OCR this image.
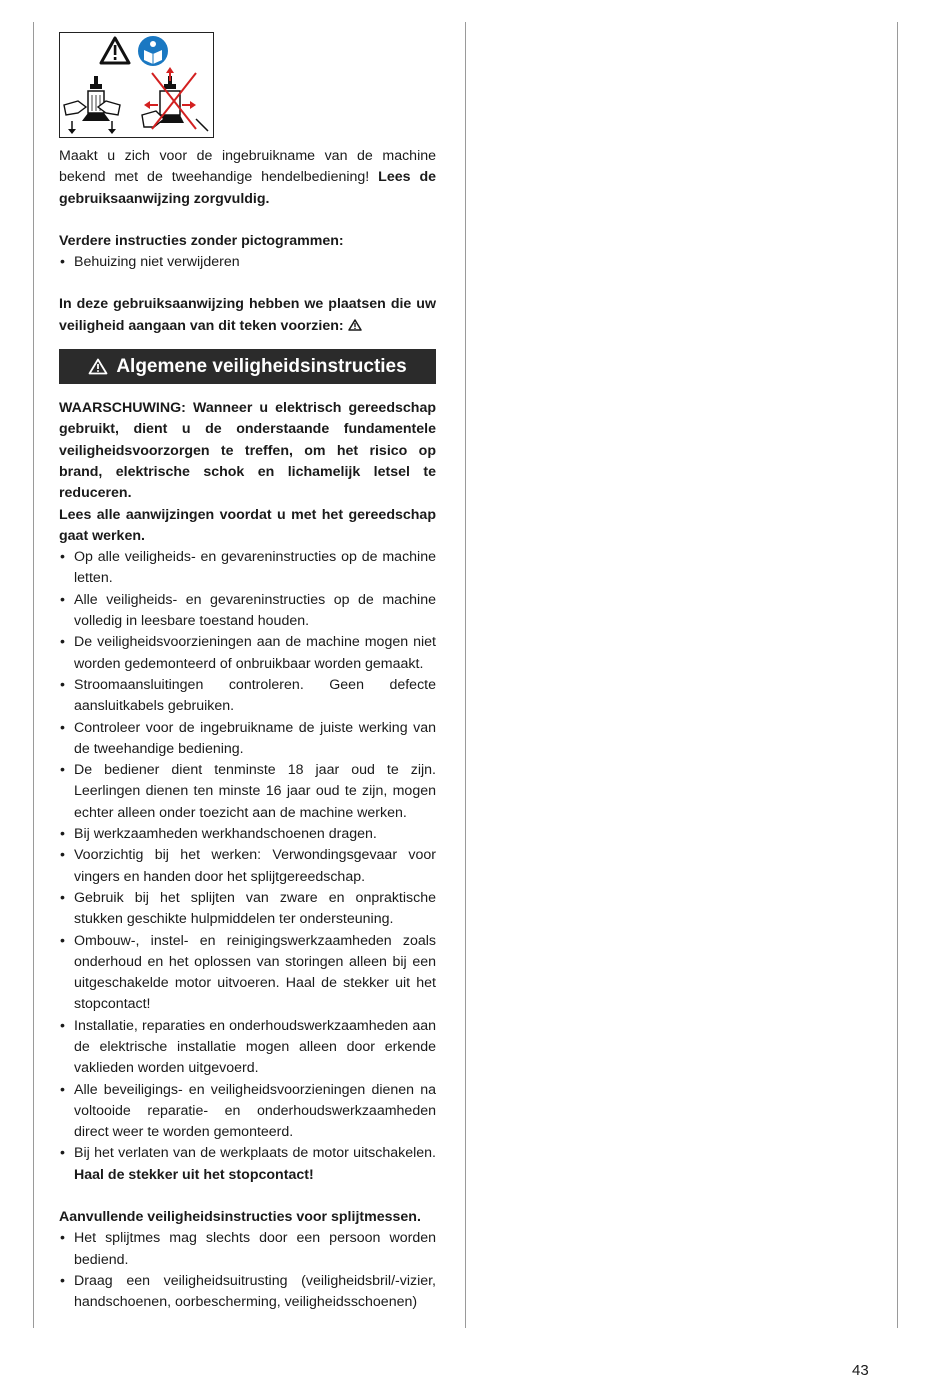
Maakt u zich voor de ingebruikname van de machine bekend met de tweehandige hendelbediening! Lees de gebruiksaanwijzing zorgvuldig.

Verdere instructies zonder pictogrammen:

• Behuizing niet verwijderen

In deze gebruiksaanwijzing hebben we plaatsen die uw veiligheid aangaan van dit teken voorzien:

Algemene veiligheidsinstructies

WAARSCHUWING: Wanneer u elektrisch gereedschap gebruikt, dient u de onderstaande fundamentele veiligheidsvoorzorgen te treffen, om het risico op brand, elektrische schok en lichamelijk letsel te reduceren.

Lees alle aanwijzingen voordat u met het gereedschap gaat werken.

• Op alle veiligheids- en gevareninstructies op de machine letten.
• Alle veiligheids- en gevareninstructies op de machine volledig in leesbare toestand houden.
• De veiligheidsvoorzieningen aan de machine mogen niet worden gedemonteerd of onbruikbaar worden gemaakt.
• Stroomaansluitingen controleren. Geen defecte aansluitkabels gebruiken.
• Controleer voor de ingebruikname de juiste werking van de tweehandige bediening.
• De bediener dient tenminste 18 jaar oud te zijn. Leerlingen dienen ten minste 16 jaar oud te zijn, mogen echter alleen onder toezicht aan de machine werken.
• Bij werkzaamheden werkhandschoenen dragen.
• Voorzichtig bij het werken: Verwondingsgevaar voor vingers en handen door het splijtgereedschap.
• Gebruik bij het splijten van zware en onpraktische stukken geschikte hulpmiddelen ter ondersteuning.
• Ombouw-, instel- en reinigingswerkzaamheden zoals onderhoud en het oplossen van storingen alleen bij een uitgeschakelde motor uitvoeren. Haal de stekker uit het stopcontact!
• Installatie, reparaties en onderhoudswerkzaamheden aan de elektrische installatie mogen alleen door erkende vaklieden worden uitgevoerd.
• Alle beveiligings- en veiligheidsvoorzieningen dienen na voltooide reparatie- en onderhoudswerkzaamheden direct weer te worden gemonteerd.
• Bij het verlaten van de werkplaats de motor uitschakelen. Haal de stekker uit het stopcontact!

Aanvullende veiligheidsinstructies voor splijtmessen.

• Het splijtmes mag slechts door een persoon worden bediend.
• Draag een veiligheidsuitrusting (veiligheidsbril/-vizier, handschoenen, oorbescherming, veiligheidsschoenen)
43
